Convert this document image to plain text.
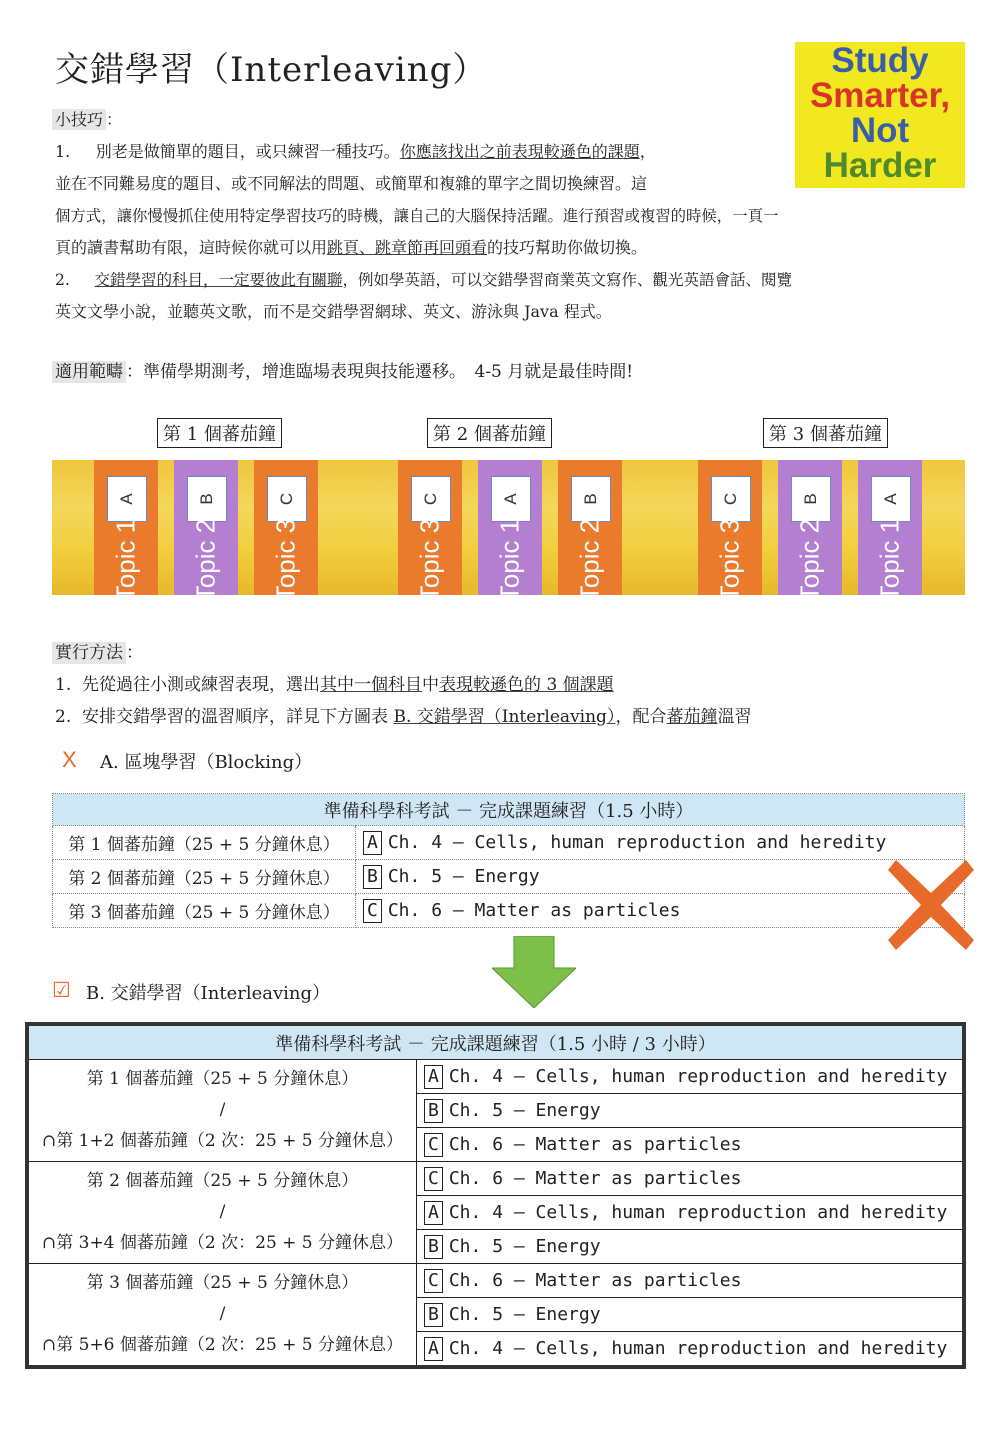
交錯學習（Interleaving）	Study
Smarter,
Not
Harder
小技巧 ：
1. 別老是做簡單的題目，或只練習一種技巧。你應該找出之前表現較遜色的課題，
並在不同難易度的題目、或不同解法的問題、或簡單和複雜的單字之間切換練習。這
個方式，讓你慢慢抓住使用特定學習技巧的時機，讓自己的大腦保持活躍。進行預習或複習的時候，一頁一
頁的讀書幫助有限，這時候你就可以用跳頁、跳章節再回頭看的技巧幫助你做切換。
2. 交錯學習的科目，一定要彼此有關聯，例如學英語，可以交錯學習商業英文寫作、觀光英語會話、閱覽
英文文學小說，並聽英文歌，而不是交錯學習網球、英文、游泳與 Java 程式。
適用範疇 ：準備學期測考，增進臨場表現與技能遷移。　4-5 月就是最佳時間!
第 1 個蕃茄鐘	第 2 個蕃茄鐘	第 3 個蕃茄鐘
A
Topic 1
B
Topic 2
C
Topic 3
C
Topic 3
A
Topic 1
B
Topic 2
C
Topic 3
B
Topic 2
A
Topic 1
實行方法 ：
1. 先從過往小測或練習表現，選出其中一個科目中表現較遜色的 3 個課題
2. 安排交錯學習的溫習順序，詳見下方圖表 B. 交錯學習（Interleaving），配合蕃茄鐘溫習
X A. 區塊學習（Blocking）
準備科學科考試 － 完成課題練習（1.5 小時）	
第 1 個蕃茄鐘（25 + 5 分鐘休息）	A Ch. 4 – Cells, human reproduction and heredity
第 2 個蕃茄鐘（25 + 5 分鐘休息）	B Ch. 5 – Energy
第 3 個蕃茄鐘（25 + 5 分鐘休息）	C Ch. 6 – Matter as particles
☑ B. 交錯學習（Interleaving）
準備科學科考試 － 完成課題練習（1.5 小時 / 3 小時）	

第 1 個蕃茄鐘（25 + 5 分鐘休息）
/
∩第 1+2 個蕃茄鐘（2 次：25 + 5 分鐘休息）	A Ch. 4 – Cells, human reproduction and heredity
	B Ch. 5 – Energy
	C Ch. 6 – Matter as particles

第 2 個蕃茄鐘（25 + 5 分鐘休息）
/
∩第 3+4 個蕃茄鐘（2 次：25 + 5 分鐘休息）	C Ch. 6 – Matter as particles
	A Ch. 4 – Cells, human reproduction and heredity
	B Ch. 5 – Energy

第 3 個蕃茄鐘（25 + 5 分鐘休息）
/
∩第 5+6 個蕃茄鐘（2 次：25 + 5 分鐘休息）	C Ch. 6 – Matter as particles
	B Ch. 5 – Energy
	A Ch. 4 – Cells, human reproduction and heredity
